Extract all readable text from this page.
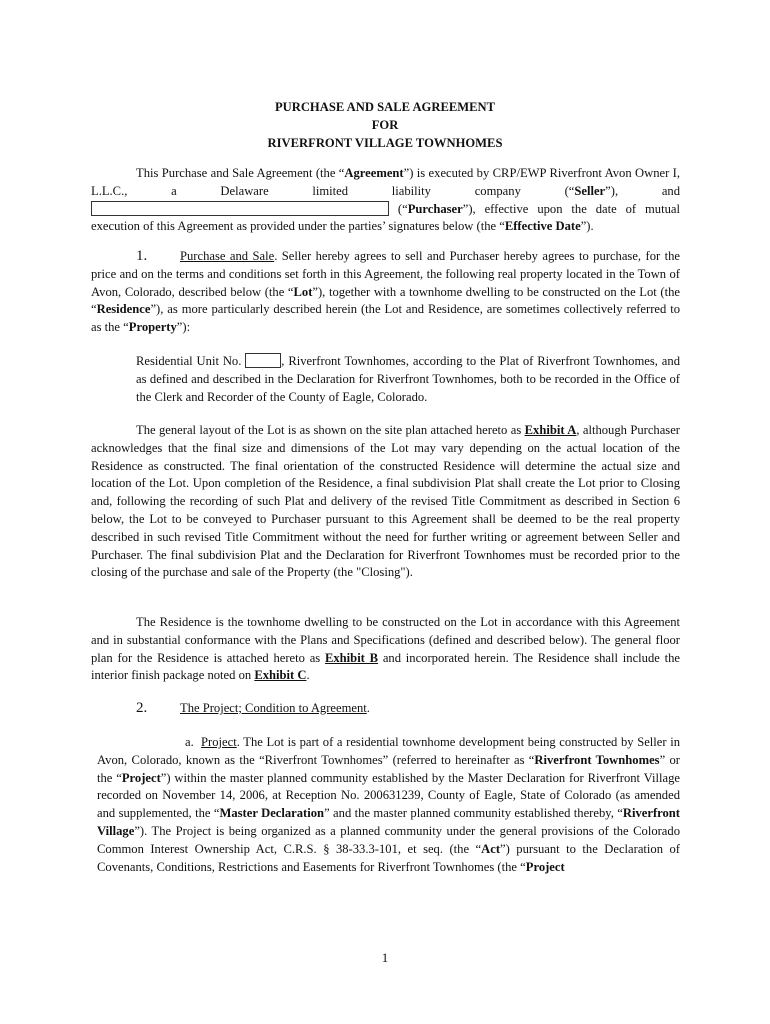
PURCHASE AND SALE AGREEMENT
FOR
RIVERFRONT VILLAGE TOWNHOMES

This Purchase and Sale Agreement (the “Agreement”) is executed by CRP/EWP Riverfront Avon Owner I, L.L.C., a Delaware limited liability company (“Seller”), and  (“Purchaser”), effective upon the date of mutual execution of this Agreement as provided under the parties’ signatures below (the “Effective Date”).

1.	Purchase and Sale. Seller hereby agrees to sell and Purchaser hereby agrees to purchase, for the price and on the terms and conditions set forth in this Agreement, the following real property located in the Town of Avon, Colorado, described below (the “Lot”), together with a townhome dwelling to be constructed on the Lot (the “Residence”), as more particularly described herein (the Lot and Residence, are sometimes collectively referred to as the “Property”):

Residential Unit No.	, Riverfront Townhomes, according to the Plat of Riverfront Townhomes, and as defined and described in the Declaration for Riverfront Townhomes, both to be recorded in the Office of the Clerk and Recorder of the County of Eagle, Colorado.

The general layout of the Lot is as shown on the site plan attached hereto as Exhibit A, although Purchaser acknowledges that the final size and dimensions of the Lot may vary depending on the actual location of the Residence as constructed. The final orientation of the constructed Residence will determine the actual size and location of the Lot. Upon completion of the Residence, a final subdivision Plat shall create the Lot prior to Closing and, following the recording of such Plat and delivery of the revised Title Commitment as described in Section 6 below, the Lot to be conveyed to Purchaser pursuant to this Agreement shall be deemed to be the real property described in such revised Title Commitment without the need for further writing or agreement between Seller and Purchaser. The final subdivision Plat and the Declaration for Riverfront Townhomes must be recorded prior to the closing of the purchase and sale of the Property (the "Closing").

The Residence is the townhome dwelling to be constructed on the Lot in accordance with this Agreement and in substantial conformance with the Plans and Specifications (defined and described below). The general floor plan for the Residence is attached hereto as Exhibit B and incorporated herein. The Residence shall include the interior finish package noted on Exhibit C.

2.	The Project; Condition to Agreement.

a. Project. The Lot is part of a residential townhome development being constructed by Seller in Avon, Colorado, known as the “Riverfront Townhomes” (referred to hereinafter as “Riverfront Townhomes” or the “Project”) within the master planned community established by the Master Declaration for Riverfront Village recorded on November 14, 2006, at Reception No. 200631239, County of Eagle, State of Colorado (as amended and supplemented, the “Master Declaration” and the master planned community established thereby, “Riverfront Village”). The Project is being organized as a planned community under the general provisions of the Colorado Common Interest Ownership Act, C.R.S. § 38-33.3-101, et seq. (the “Act”) pursuant to the Declaration of Covenants, Conditions, Restrictions and Easements for Riverfront Townhomes (the “Project

1
